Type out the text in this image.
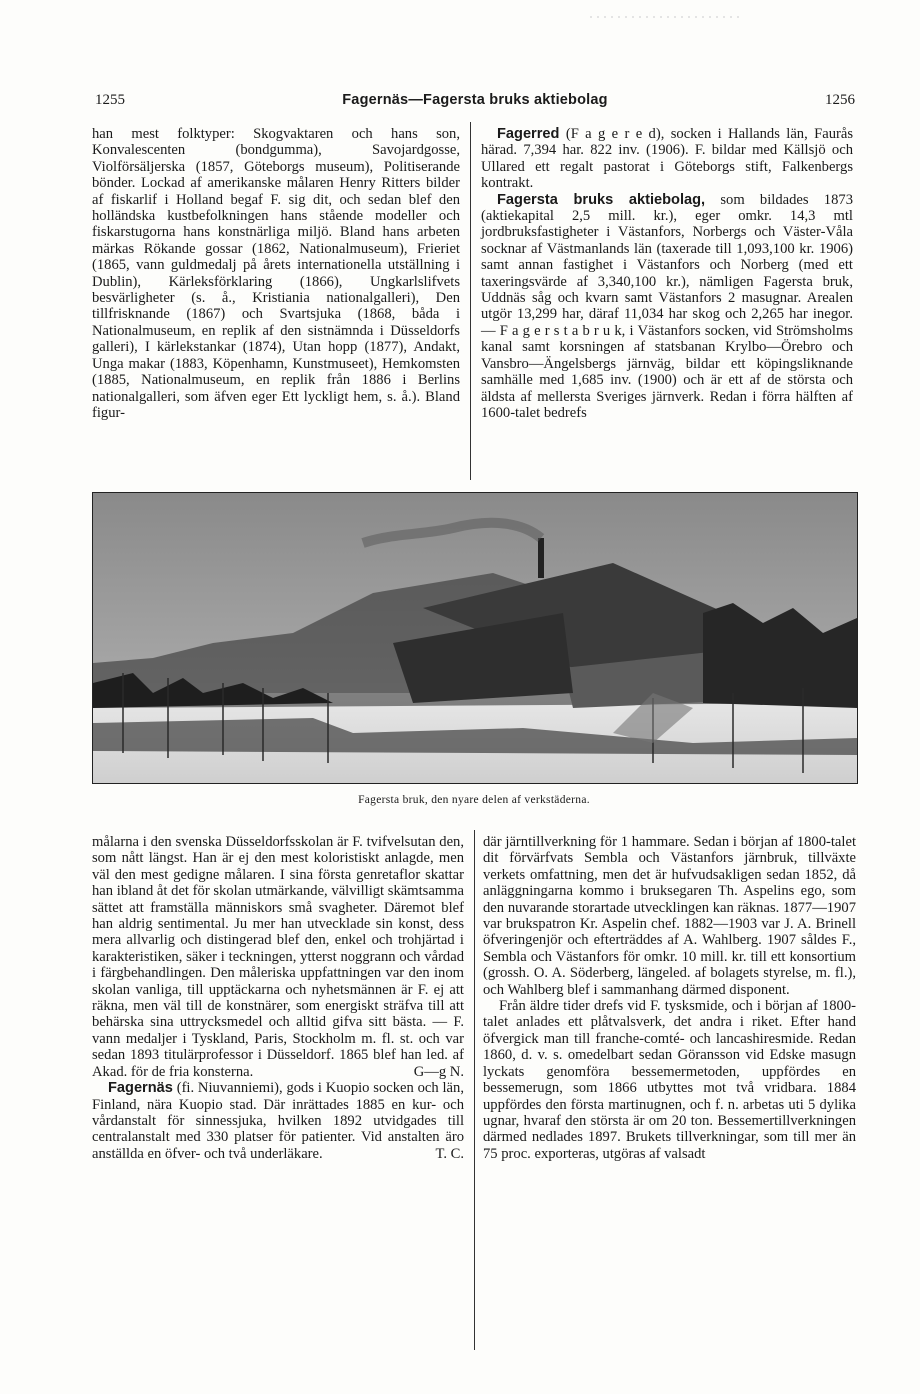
1255	Fagernäs—Fagersta bruks aktiebolag	1256

han mest folktyper: Skogvaktaren och hans son, Konvalescenten (bondgumma), Savojardgosse, Violförsäljerska (1857, Göteborgs museum), Politiserande bönder. Lockad af amerikanske målaren Henry Ritters bilder af fiskarlif i Holland begaf F. sig dit, och sedan blef den holländska kustbefolkningen hans stående modeller och fiskarstugorna hans konstnärliga miljö. Bland hans arbeten märkas Rökande gossar (1862, Nationalmuseum), Frieriet (1865, vann guldmedalj på årets internationella utställning i Dublin), Kärleksförklaring (1866), Ungkarlslifvets besvärligheter (s. å., Kristiania nationalgalleri), Den tillfrisknande (1867) och Svartsjuka (1868, båda i Nationalmuseum, en replik af den sistnämnda i Düsseldorfs galleri), I kärlekstankar (1874), Utan hopp (1877), Andakt, Unga makar (1883, Köpenhamn, Kunstmuseet), Hemkomsten (1885, Nationalmuseum, en replik från 1886 i Berlins nationalgalleri, som äfven eger Ett lyckligt hem, s. å.). Bland figur-

Fagerred (F a g e r e d), socken i Hallands län, Faurås härad. 7,394 har. 822 inv. (1906). F. bildar med Källsjö och Ullared ett regalt pastorat i Göteborgs stift, Falkenbergs kontrakt.

Fagersta bruks aktiebolag, som bildades 1873 (aktiekapital 2,5 mill. kr.), eger omkr. 14,3 mtl jordbruksfastigheter i Västanfors, Norbergs och Väster-Våla socknar af Västmanlands län (taxerade till 1,093,100 kr. 1906) samt annan fastighet i Västanfors och Norberg (med ett taxeringsvärde af 3,340,100 kr.), nämligen Fagersta bruk, Uddnäs såg och kvarn samt Västanfors 2 masugnar. Arealen utgör 13,299 har, däraf 11,034 har skog och 2,265 har inegor. — F a g e r s t a b r u k, i Västanfors socken, vid Strömsholms kanal samt korsningen af statsbanan Krylbo—Örebro och Vansbro—Ängelsbergs järnväg, bildar ett köpingsliknande samhälle med 1,685 inv. (1900) och är ett af de största och äldsta af mellersta Sveriges järnverk. Redan i förra hälften af 1600-talet bedrefs

Fagersta bruk, den nyare delen af verkstäderna.

målarna i den svenska Düsseldorfsskolan är F. tvifvelsutan den, som nått längst. Han är ej den mest koloristiskt anlagde, men väl den mest gedigne målaren. I sina första genretaflor skattar han ibland åt det för skolan utmärkande, välvilligt skämtsamma sättet att framställa människors små svagheter. Däremot blef han aldrig sentimental. Ju mer han utvecklade sin konst, dess mera allvarlig och distingerad blef den, enkel och trohjärtad i karakteristiken, säker i teckningen, ytterst noggrann och vårdad i färgbehandlingen. Den måleriska uppfattningen var den inom skolan vanliga, till upptäckarna och nyhetsmännen är F. ej att räkna, men väl till de konstnärer, som energiskt sträfva till att behärska sina uttrycksmedel och alltid gifva sitt bästa. — F. vann medaljer i Tyskland, Paris, Stockholm m. fl. st. och var sedan 1893 titulärprofessor i Düsseldorf. 1865 blef han led. af Akad. för de fria konsterna.	G—g N.

Fagernäs (fi. Niuvanniemi), gods i Kuopio socken och län, Finland, nära Kuopio stad. Där inrättades 1885 en kur- och vårdanstalt för sinnessjuka, hvilken 1892 utvidgades till centralanstalt med 330 platser för patienter. Vid anstalten äro anställda en öfver- och två underläkare.	T. C.

där järntillverkning för 1 hammare. Sedan i början af 1800-talet dit förvärfvats Sembla och Västanfors järnbruk, tillväxte verkets omfattning, men det är hufvudsakligen sedan 1852, då anläggningarna kommo i bruksegaren Th. Aspelins ego, som den nuvarande storartade utvecklingen kan räknas. 1877—1907 var brukspatron Kr. Aspelin chef. 1882—1903 var J. A. Brinell öfveringenjör och efterträddes af A. Wahlberg. 1907 såldes F., Sembla och Västanfors för omkr. 10 mill. kr. till ett konsortium (grossh. O. A. Söderberg, längeled. af bolagets styrelse, m. fl.), och Wahlberg blef i sammanhang därmed disponent.

Från äldre tider drefs vid F. tysksmide, och i början af 1800-talet anlades ett plåtvalsverk, det andra i riket. Efter hand öfvergick man till franche-comté- och lancashiresmide. Redan 1860, d. v. s. omedelbart sedan Göransson vid Edske masugn lyckats genomföra bessemermetoden, uppfördes en bessemerugn, som 1866 utbyttes mot två vridbara. 1884 uppfördes den första martinugnen, och f. n. arbetas uti 5 dylika ugnar, hvaraf den största är om 20 ton. Bessemertillverkningen därmed nedlades 1897. Brukets tillverkningar, som till mer än 75 proc. exporteras, utgöras af valsadt
